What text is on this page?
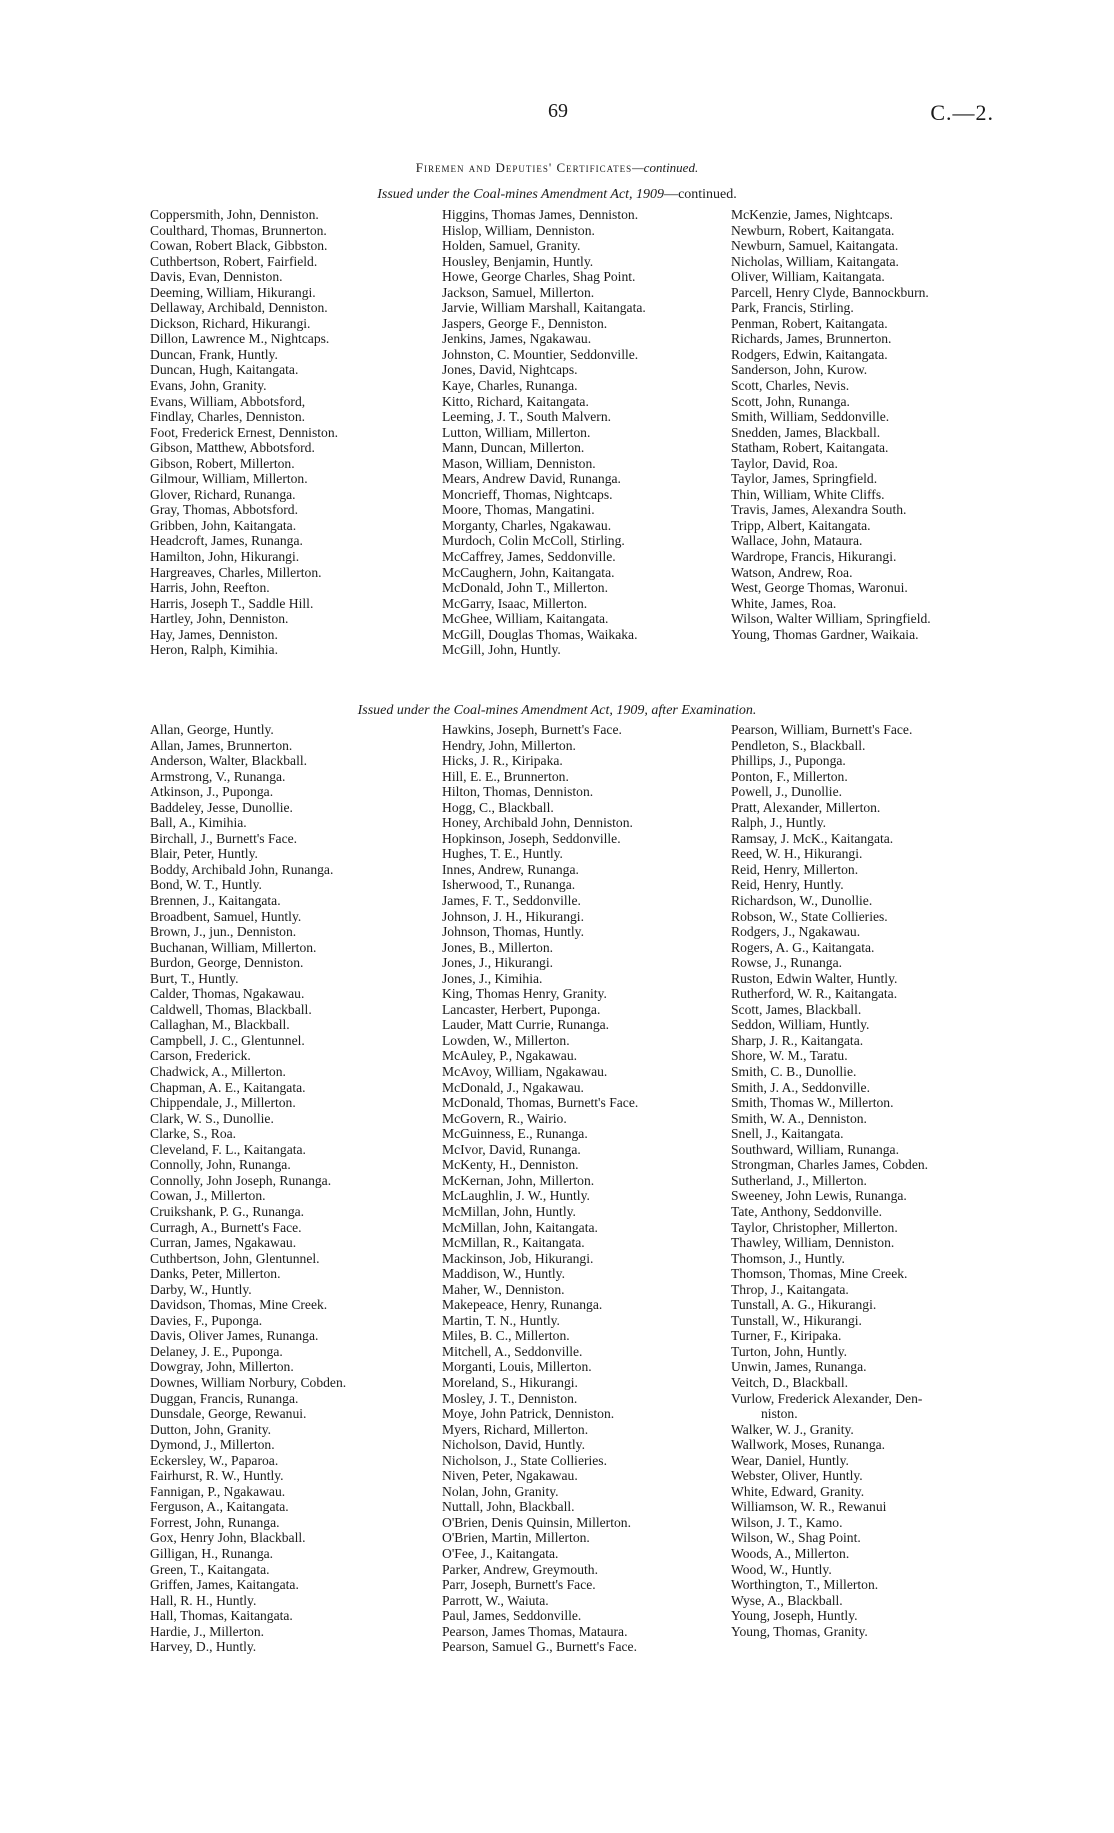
69	C.—2.
Firemen and Deputies' Certificates—continued.
Issued under the Coal-mines Amendment Act, 1909—continued.
Coppersmith, John, Denniston.
Coulthard, Thomas, Brunnerton.
Cowan, Robert Black, Gibbston.
Cuthbertson, Robert, Fairfield.
Davis, Evan, Denniston.
Deeming, William, Hikurangi.
Dellaway, Archibald, Denniston.
Dickson, Richard, Hikurangi.
Dillon, Lawrence M., Nightcaps.
Duncan, Frank, Huntly.
Duncan, Hugh, Kaitangata.
Evans, John, Granity.
Evans, William, Abbotsford,
Findlay, Charles, Denniston.
Foot, Frederick Ernest, Denniston.
Gibson, Matthew, Abbotsford.
Gibson, Robert, Millerton.
Gilmour, William, Millerton.
Glover, Richard, Runanga.
Gray, Thomas, Abbotsford.
Gribben, John, Kaitangata.
Headcroft, James, Runanga.
Hamilton, John, Hikurangi.
Hargreaves, Charles, Millerton.
Harris, John, Reefton.
Harris, Joseph T., Saddle Hill.
Hartley, John, Denniston.
Hay, James, Denniston.
Heron, Ralph, Kimihia.
Higgins, Thomas James, Denniston.
Hislop, William, Denniston.
Holden, Samuel, Granity.
Housley, Benjamin, Huntly.
Howe, George Charles, Shag Point.
Jackson, Samuel, Millerton.
Jarvie, William Marshall, Kaitangata.
Jaspers, George F., Denniston.
Jenkins, James, Ngakawau.
Johnston, C. Mountier, Seddonville.
Jones, David, Nightcaps.
Kaye, Charles, Runanga.
Kitto, Richard, Kaitangata.
Leeming, J. T., South Malvern.
Lutton, William, Millerton.
Mann, Duncan, Millerton.
Mason, William, Denniston.
Mears, Andrew David, Runanga.
Moncrieff, Thomas, Nightcaps.
Moore, Thomas, Mangatini.
Morganty, Charles, Ngakawau.
Murdoch, Colin McColl, Stirling.
McCaffrey, James, Seddonville.
McCaughern, John, Kaitangata.
McDonald, John T., Millerton.
McGarry, Isaac, Millerton.
McGhee, William, Kaitangata.
McGill, Douglas Thomas, Waikaka.
McGill, John, Huntly.
McKenzie, James, Nightcaps.
Newburn, Robert, Kaitangata.
Newburn, Samuel, Kaitangata.
Nicholas, William, Kaitangata.
Oliver, William, Kaitangata.
Parcell, Henry Clyde, Bannockburn.
Park, Francis, Stirling.
Penman, Robert, Kaitangata.
Richards, James, Brunnerton.
Rodgers, Edwin, Kaitangata.
Sanderson, John, Kurow.
Scott, Charles, Nevis.
Scott, John, Runanga.
Smith, William, Seddonville.
Snedden, James, Blackball.
Statham, Robert, Kaitangata.
Taylor, David, Roa.
Taylor, James, Springfield.
Thin, William, White Cliffs.
Travis, James, Alexandra South.
Tripp, Albert, Kaitangata.
Wallace, John, Mataura.
Wardrope, Francis, Hikurangi.
Watson, Andrew, Roa.
West, George Thomas, Waronui.
White, James, Roa.
Wilson, Walter William, Springfield.
Young, Thomas Gardner, Waikaia.
Issued under the Coal-mines Amendment Act, 1909, after Examination.
Allan, George, Huntly.
Allan, James, Brunnerton.
Anderson, Walter, Blackball.
Armstrong, V., Runanga.
Atkinson, J., Puponga.
Baddeley, Jesse, Dunollie.
Ball, A., Kimihia.
Birchall, J., Burnett's Face.
Blair, Peter, Huntly.
Boddy, Archibald John, Runanga.
Bond, W. T., Huntly.
Brennen, J., Kaitangata.
Broadbent, Samuel, Huntly.
Brown, J., jun., Denniston.
Buchanan, William, Millerton.
Burdon, George, Denniston.
Burt, T., Huntly.
Calder, Thomas, Ngakawau.
Caldwell, Thomas, Blackball.
Callaghan, M., Blackball.
Campbell, J. C., Glentunnel.
Carson, Frederick.
Chadwick, A., Millerton.
Chapman, A. E., Kaitangata.
Chippendale, J., Millerton.
Clark, W. S., Dunollie.
Clarke, S., Roa.
Cleveland, F. L., Kaitangata.
Connolly, John, Runanga.
Connolly, John Joseph, Runanga.
Cowan, J., Millerton.
Cruikshank, P. G., Runanga.
Curragh, A., Burnett's Face.
Curran, James, Ngakawau.
Cuthbertson, John, Glentunnel.
Danks, Peter, Millerton.
Darby, W., Huntly.
Davidson, Thomas, Mine Creek.
Davies, F., Puponga.
Davis, Oliver James, Runanga.
Delaney, J. E., Puponga.
Dowgray, John, Millerton.
Downes, William Norbury, Cobden.
Duggan, Francis, Runanga.
Dunsdale, George, Rewanui.
Dutton, John, Granity.
Dymond, J., Millerton.
Eckersley, W., Paparoa.
Fairhurst, R. W., Huntly.
Fannigan, P., Ngakawau.
Ferguson, A., Kaitangata.
Forrest, John, Runanga.
Gox, Henry John, Blackball.
Gilligan, H., Runanga.
Green, T., Kaitangata.
Griffen, James, Kaitangata.
Hall, R. H., Huntly.
Hall, Thomas, Kaitangata.
Hardie, J., Millerton.
Harvey, D., Huntly.
Hawkins, Joseph, Burnett's Face.
Hendry, John, Millerton.
Hicks, J. R., Kiripaka.
Hill, E. E., Brunnerton.
Hilton, Thomas, Denniston.
Hogg, C., Blackball.
Honey, Archibald John, Denniston.
Hopkinson, Joseph, Seddonville.
Hughes, T. E., Huntly.
Innes, Andrew, Runanga.
Isherwood, T., Runanga.
James, F. T., Seddonville.
Johnson, J. H., Hikurangi.
Johnson, Thomas, Huntly.
Jones, B., Millerton.
Jones, J., Hikurangi.
Jones, J., Kimihia.
King, Thomas Henry, Granity.
Lancaster, Herbert, Puponga.
Lauder, Matt Currie, Runanga.
Lowden, W., Millerton.
McAuley, P., Ngakawau.
McAvoy, William, Ngakawau.
McDonald, J., Ngakawau.
McDonald, Thomas, Burnett's Face.
McGovern, R., Wairio.
McGuinness, E., Runanga.
McIvor, David, Runanga.
McKenty, H., Denniston.
McKernan, John, Millerton.
McLaughlin, J. W., Huntly.
McMillan, John, Huntly.
McMillan, John, Kaitangata.
McMillan, R., Kaitangata.
Mackinson, Job, Hikurangi.
Maddison, W., Huntly.
Maher, W., Denniston.
Makepeace, Henry, Runanga.
Martin, T. N., Huntly.
Miles, B. C., Millerton.
Mitchell, A., Seddonville.
Morganti, Louis, Millerton.
Moreland, S., Hikurangi.
Mosley, J. T., Denniston.
Moye, John Patrick, Denniston.
Myers, Richard, Millerton.
Nicholson, David, Huntly.
Nicholson, J., State Collieries.
Niven, Peter, Ngakawau.
Nolan, John, Granity.
Nuttall, John, Blackball.
O'Brien, Denis Quinsin, Millerton.
O'Brien, Martin, Millerton.
O'Fee, J., Kaitangata.
Parker, Andrew, Greymouth.
Parr, Joseph, Burnett's Face.
Parrott, W., Waiuta.
Paul, James, Seddonville.
Pearson, James Thomas, Mataura.
Pearson, Samuel G., Burnett's Face.
Pearson, William, Burnett's Face.
Pendleton, S., Blackball.
Phillips, J., Puponga.
Ponton, F., Millerton.
Powell, J., Dunollie.
Pratt, Alexander, Millerton.
Ralph, J., Huntly.
Ramsay, J. McK., Kaitangata.
Reed, W. H., Hikurangi.
Reid, Henry, Millerton.
Reid, Henry, Huntly.
Richardson, W., Dunollie.
Robson, W., State Collieries.
Rodgers, J., Ngakawau.
Rogers, A. G., Kaitangata.
Rowse, J., Runanga.
Ruston, Edwin Walter, Huntly.
Rutherford, W. R., Kaitangata.
Scott, James, Blackball.
Seddon, William, Huntly.
Sharp, J. R., Kaitangata.
Shore, W. M., Taratu.
Smith, C. B., Dunollie.
Smith, J. A., Seddonville.
Smith, Thomas W., Millerton.
Smith, W. A., Denniston.
Snell, J., Kaitangata.
Southward, William, Runanga.
Strongman, Charles James, Cobden.
Sutherland, J., Millerton.
Sweeney, John Lewis, Runanga.
Tate, Anthony, Seddonville.
Taylor, Christopher, Millerton.
Thawley, William, Denniston.
Thomson, J., Huntly.
Thomson, Thomas, Mine Creek.
Throp, J., Kaitangata.
Tunstall, A. G., Hikurangi.
Tunstall, W., Hikurangi.
Turner, F., Kiripaka.
Turton, John, Huntly.
Unwin, James, Runanga.
Veitch, D., Blackball.
Vurlow, Frederick Alexander, Den-
niston.
Walker, W. J., Granity.
Wallwork, Moses, Runanga.
Wear, Daniel, Huntly.
Webster, Oliver, Huntly.
White, Edward, Granity.
Williamson, W. R., Rewanui
Wilson, J. T., Kamo.
Wilson, W., Shag Point.
Woods, A., Millerton.
Wood, W., Huntly.
Worthington, T., Millerton.
Wyse, A., Blackball.
Young, Joseph, Huntly.
Young, Thomas, Granity.
